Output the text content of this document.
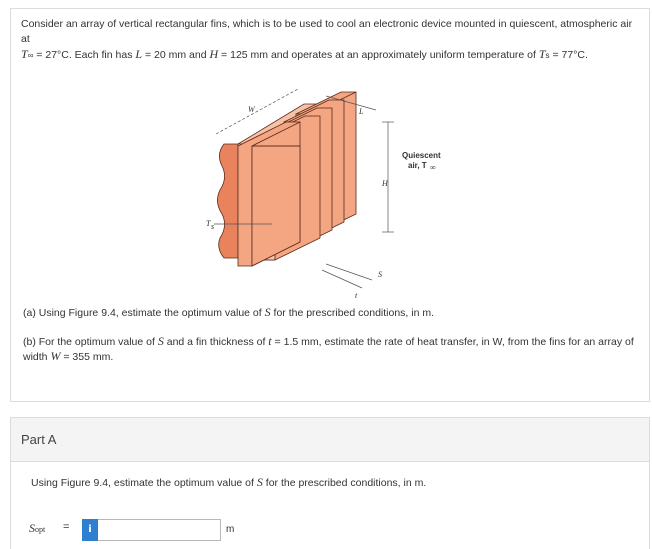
Consider an array of vertical rectangular fins, which is to be used to cool an electronic device mounted in quiescent, atmospheric air at
T∞ = 27°C. Each fin has L = 20 mm and H = 125 mm and operates at an approximately uniform temperature of Ts = 77°C.
W	L
H
Quiescent
air, T ∞
T s
S
t
(a) Using Figure 9.4, estimate the optimum value of S for the prescribed conditions, in m.
(b) For the optimum value of S and a fin thickness of t = 1.5 mm, estimate the rate of heat transfer, in W, from the fins for an array of width W = 355 mm.
Part A
Using Figure 9.4, estimate the optimum value of S for the prescribed conditions, in m.
Sopt =	i	m
